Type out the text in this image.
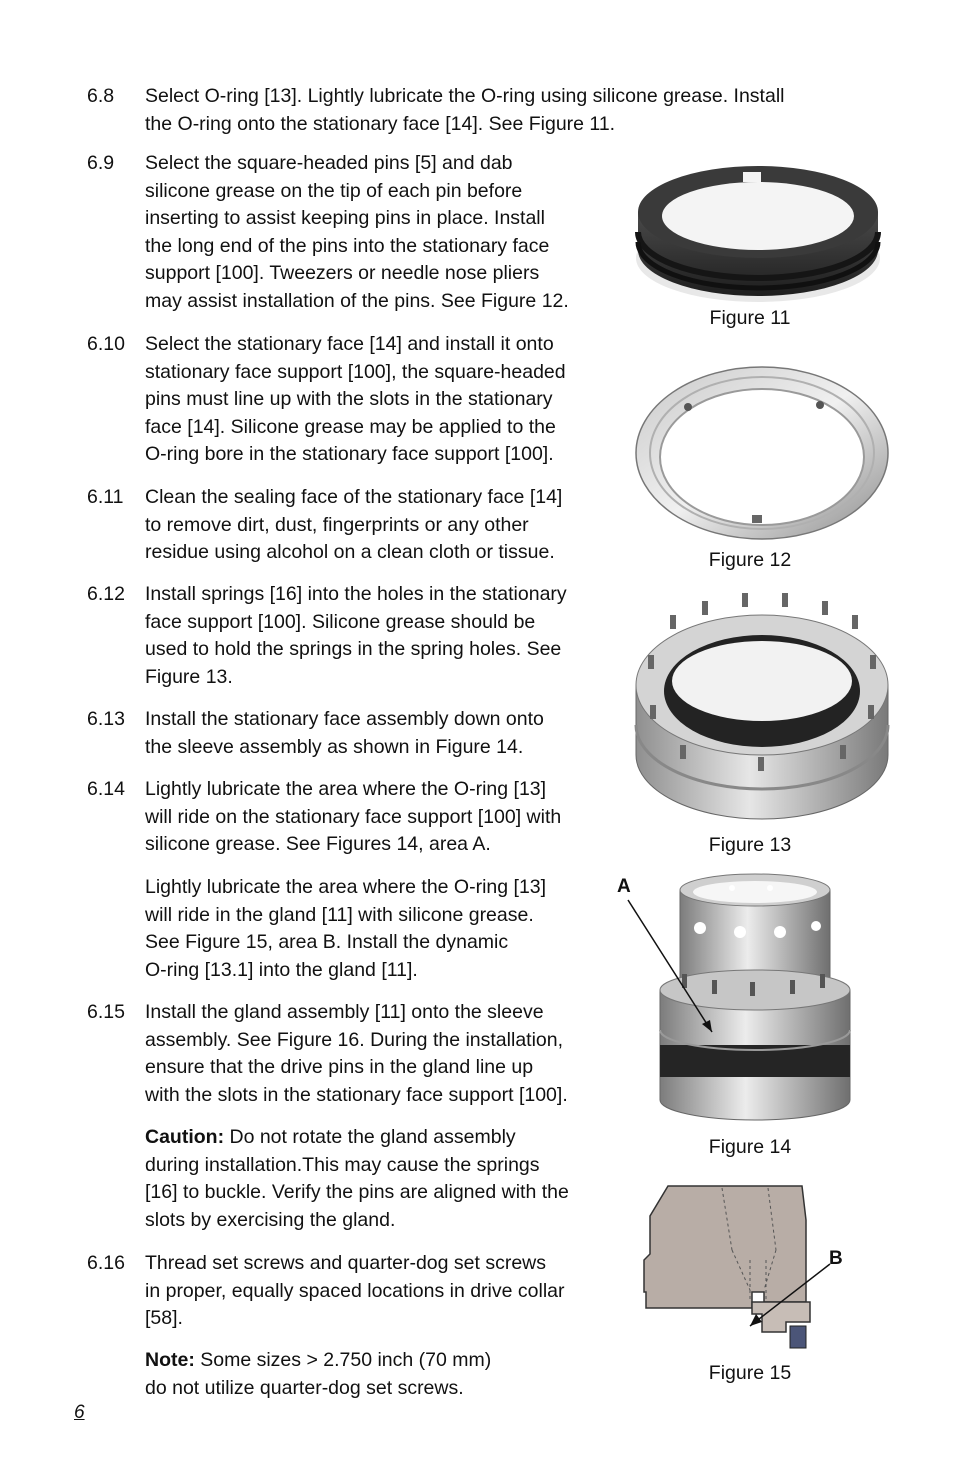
6.8	Select O-ring [13]. Lightly lubricate the O-ring using silicone grease. Install
the O-ring onto the stationary face [14]. See Figure 11.
6.9	Select the square-headed pins [5] and dab
silicone grease on the tip of each pin before
inserting to assist keeping pins in place. Install
the long end of the pins into the stationary face
support [100]. Tweezers or needle nose pliers
may assist installation of the pins. See Figure 12.
6.10	Select the stationary face [14] and install it onto
stationary face support [100], the square-headed
pins must line up with the slots in the stationary
face [14]. Silicone grease may be applied to the
O-ring bore in the stationary face support [100].
6.11	Clean the sealing face of the stationary face [14]
to remove dirt, dust, fingerprints or any other
residue using alcohol on a clean cloth or tissue.
6.12	Install springs [16] into the holes in the stationary
face support [100]. Silicone grease should be
used to hold the springs in the spring holes. See
Figure 13.
6.13	Install the stationary face assembly down onto
the sleeve assembly as shown in Figure 14.
6.14	Lightly lubricate the area where the O-ring [13]
will ride on the stationary face support [100] with
silicone grease. See Figures 14, area A.
Lightly lubricate the area where the O-ring [13]
will ride in the gland [11] with silicone grease.
See Figure 15, area B. Install the dynamic
O-ring [13.1] into the gland [11].
6.15	Install the gland assembly [11] onto the sleeve
assembly. See Figure 16. During the installation,
ensure that the drive pins in the gland line up
with the slots in the stationary face support [100].
Caution: Do not rotate the gland assembly
during installation.This may cause the springs
[16] to buckle. Verify the pins are aligned with the
slots by exercising the gland.
6.16	Thread set screws and quarter-dog set screws
in proper, equally spaced locations in drive collar
[58].
Note: Some sizes > 2.750 inch (70 mm)
do not utilize quarter-dog set screws.
Figure 11
Figure 12
Figure 13
A
Figure 14
B
Figure 15
6
